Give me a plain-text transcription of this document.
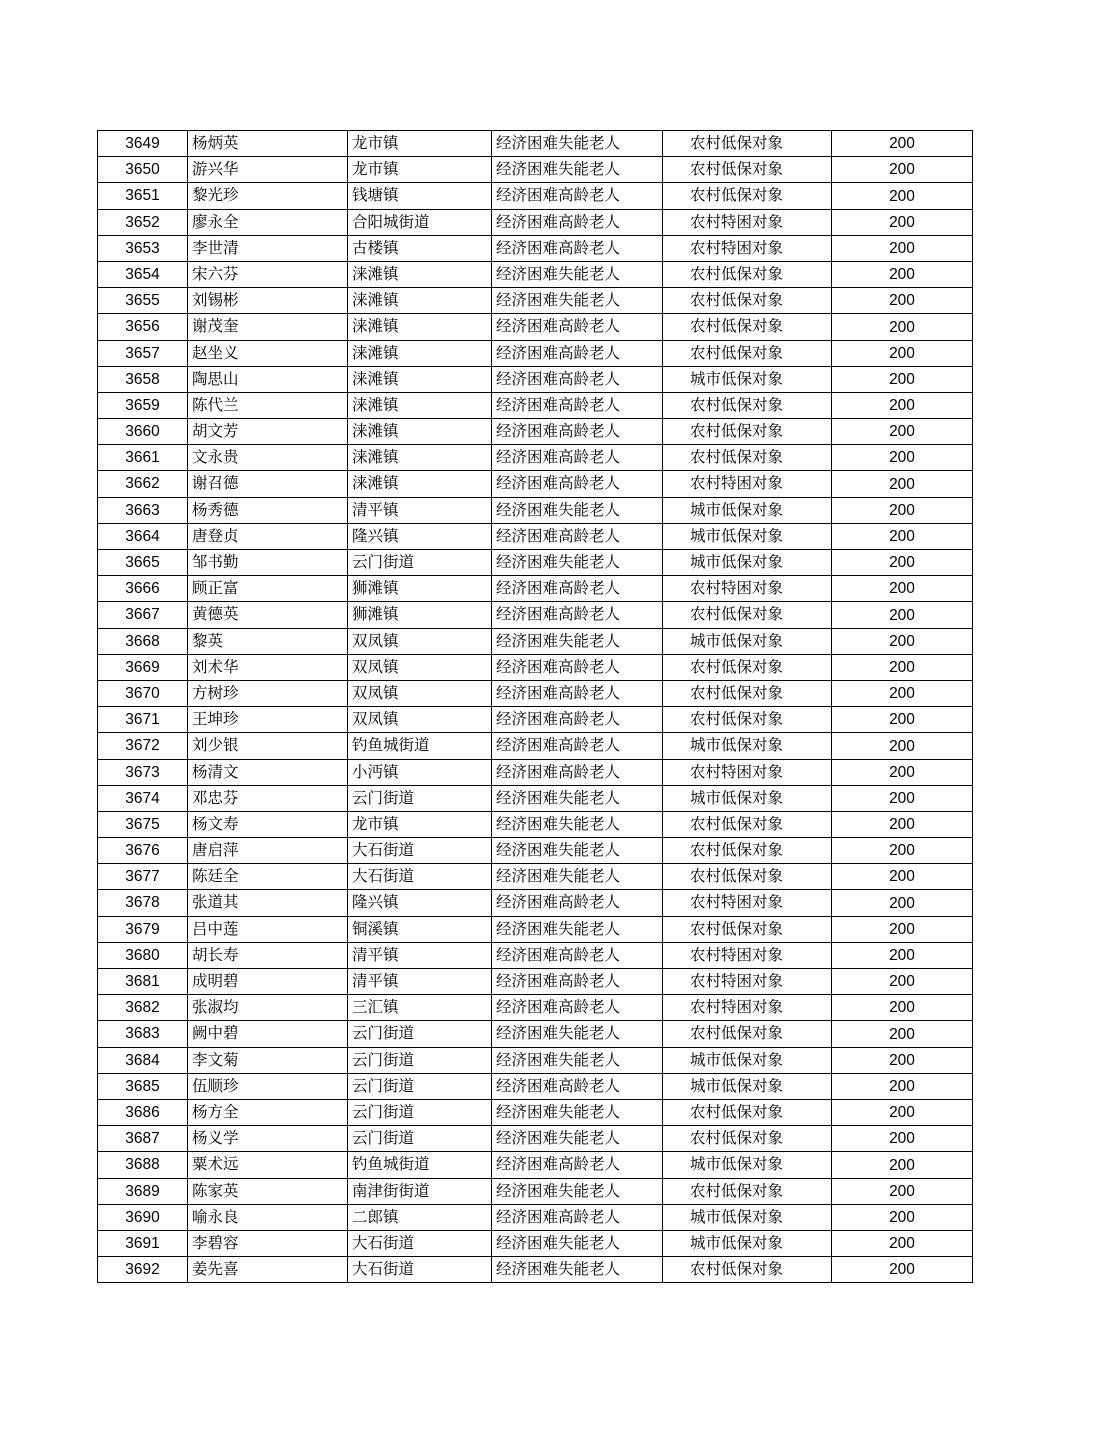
3649	杨炳英	龙市镇	经济困难失能老人	农村低保对象	200
3650	游兴华	龙市镇	经济困难失能老人	农村低保对象	200
3651	黎光珍	钱塘镇	经济困难高龄老人	农村低保对象	200
3652	廖永全	合阳城街道	经济困难高龄老人	农村特困对象	200
3653	李世清	古楼镇	经济困难高龄老人	农村特困对象	200
3654	宋六芬	涞滩镇	经济困难失能老人	农村低保对象	200
3655	刘锡彬	涞滩镇	经济困难失能老人	农村低保对象	200
3656	谢茂奎	涞滩镇	经济困难高龄老人	农村低保对象	200
3657	赵坐义	涞滩镇	经济困难高龄老人	农村低保对象	200
3658	陶思山	涞滩镇	经济困难高龄老人	城市低保对象	200
3659	陈代兰	涞滩镇	经济困难高龄老人	农村低保对象	200
3660	胡文芳	涞滩镇	经济困难高龄老人	农村低保对象	200
3661	文永贵	涞滩镇	经济困难高龄老人	农村低保对象	200
3662	谢召德	涞滩镇	经济困难高龄老人	农村特困对象	200
3663	杨秀德	清平镇	经济困难失能老人	城市低保对象	200
3664	唐登贞	隆兴镇	经济困难高龄老人	城市低保对象	200
3665	邹书勤	云门街道	经济困难失能老人	城市低保对象	200
3666	顾正富	狮滩镇	经济困难高龄老人	农村特困对象	200
3667	黄德英	狮滩镇	经济困难高龄老人	农村低保对象	200
3668	黎英	双凤镇	经济困难失能老人	城市低保对象	200
3669	刘术华	双凤镇	经济困难高龄老人	农村低保对象	200
3670	方树珍	双凤镇	经济困难高龄老人	农村低保对象	200
3671	王坤珍	双凤镇	经济困难高龄老人	农村低保对象	200
3672	刘少银	钓鱼城街道	经济困难高龄老人	城市低保对象	200
3673	杨清文	小沔镇	经济困难高龄老人	农村特困对象	200
3674	邓忠芬	云门街道	经济困难失能老人	城市低保对象	200
3675	杨文寿	龙市镇	经济困难失能老人	农村低保对象	200
3676	唐启萍	大石街道	经济困难失能老人	农村低保对象	200
3677	陈廷全	大石街道	经济困难失能老人	农村低保对象	200
3678	张道其	隆兴镇	经济困难高龄老人	农村特困对象	200
3679	吕中莲	铜溪镇	经济困难失能老人	农村低保对象	200
3680	胡长寿	清平镇	经济困难高龄老人	农村特困对象	200
3681	成明碧	清平镇	经济困难高龄老人	农村特困对象	200
3682	张淑均	三汇镇	经济困难高龄老人	农村特困对象	200
3683	阙中碧	云门街道	经济困难失能老人	农村低保对象	200
3684	李文菊	云门街道	经济困难失能老人	城市低保对象	200
3685	伍顺珍	云门街道	经济困难高龄老人	城市低保对象	200
3686	杨方全	云门街道	经济困难失能老人	农村低保对象	200
3687	杨义学	云门街道	经济困难失能老人	农村低保对象	200
3688	粟术远	钓鱼城街道	经济困难高龄老人	城市低保对象	200
3689	陈家英	南津街街道	经济困难失能老人	农村低保对象	200
3690	喻永良	二郎镇	经济困难高龄老人	城市低保对象	200
3691	李碧容	大石街道	经济困难失能老人	城市低保对象	200
3692	姜先喜	大石街道	经济困难失能老人	农村低保对象	200
